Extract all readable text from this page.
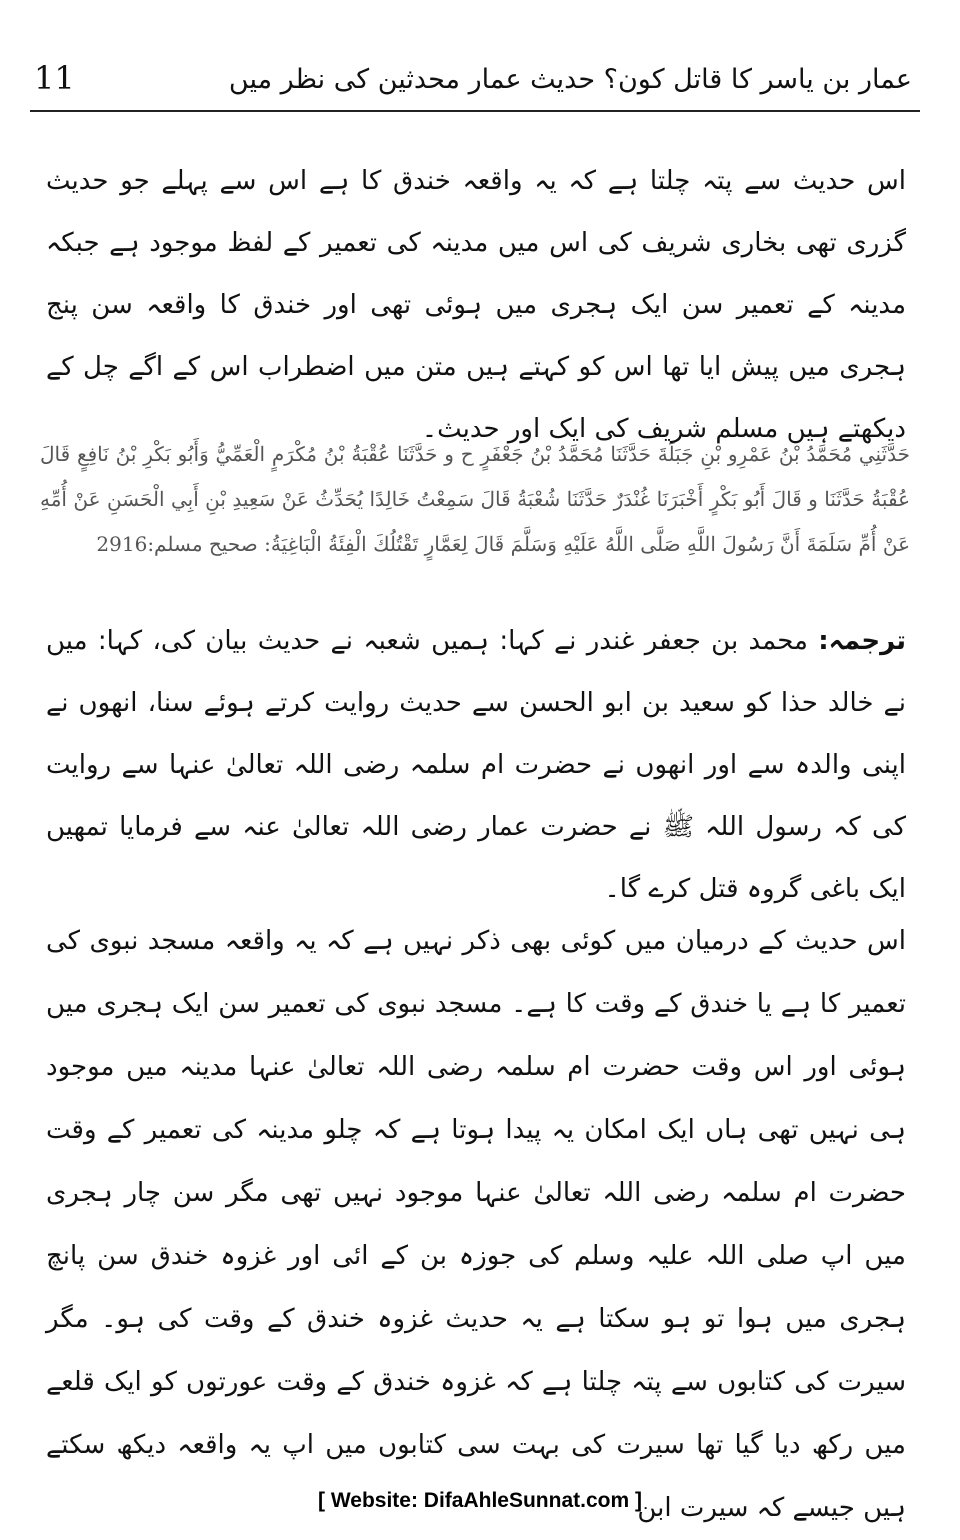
11	عمار بن یاسر کا قاتل کون؟ حدیث عمار محدثین کی نظر میں

اس حدیث سے پتہ چلتا ہے کہ یہ واقعہ خندق کا ہے اس سے پہلے جو حدیث گزری تھی بخاری شریف کی اس میں مدینہ کی تعمیر کے لفظ موجود ہے جبکہ مدینہ کے تعمیر سن ایک ہجری میں ہوئی تھی اور خندق کا واقعہ سن پنج ہجری میں پیش ایا تھا اس کو کہتے ہیں متن میں اضطراب اس کے اگے چل کے دیکھتے ہیں مسلم شریف کی ایک اور حدیث۔

حَدَّثَنِي مُحَمَّدُ بْنُ عَمْرِو بْنِ جَبَلَةَ حَدَّثَنَا مُحَمَّدُ بْنُ جَعْفَرٍ ح و حَدَّثَنَا عُقْبَةُ بْنُ مُكْرَمٍ الْعَمِّيُّ وَأَبُو بَكْرِ بْنُ نَافِعٍ قَالَ عُقْبَةُ حَدَّثَنَا و قَالَ أَبُو بَكْرٍ أَخْبَرَنَا غُنْدَرٌ حَدَّثَنَا شُعْبَةُ قَالَ سَمِعْتُ خَالِدًا يُحَدِّثُ عَنْ سَعِيدِ بْنِ أَبِي الْحَسَنِ عَنْ أُمِّهِ عَنْ أُمِّ سَلَمَةَ أَنَّ رَسُولَ اللَّهِ صَلَّى اللَّهُ عَلَيْهِ وَسَلَّمَ قَالَ لِعَمَّارٍ تَقْتُلُكَ الْفِئَةُ الْبَاغِيَةُ: صحیح مسلم:2916

ترجمہ: محمد بن جعفر غندر نے کہا: ہمیں شعبہ نے حدیث بیان کی، کہا: میں نے خالد حذا کو سعید بن ابو الحسن سے حدیث روایت کرتے ہوئے سنا، انھوں نے اپنی والدہ سے اور انھوں نے حضرت ام سلمہ رضی اللہ تعالیٰ عنہا سے روایت کی کہ رسول اللہ ﷺ نے حضرت عمار رضی اللہ تعالیٰ عنہ سے فرمایا تمھیں ایک باغی گروہ قتل کرے گا۔

اس حدیث کے درمیان میں کوئی بھی ذکر نہیں ہے کہ یہ واقعہ مسجد نبوی کی تعمیر کا ہے یا خندق کے وقت کا ہے۔ مسجد نبوی کی تعمیر سن ایک ہجری میں ہوئی اور اس وقت حضرت ام سلمہ رضی اللہ تعالیٰ عنہا مدینہ میں موجود ہی نہیں تھی ہاں ایک امکان یہ پیدا ہوتا ہے کہ چلو مدینہ کی تعمیر کے وقت حضرت ام سلمہ رضی اللہ تعالیٰ عنہا موجود نہیں تھی مگر سن چار ہجری میں اپ صلی اللہ علیہ وسلم کی جوزہ بن کے ائی اور غزوہ خندق سن پانچ ہجری میں ہوا تو ہو سکتا ہے یہ حدیث غزوہ خندق کے وقت کی ہو۔ مگر سیرت کی کتابوں سے پتہ چلتا ہے کہ غزوہ خندق کے وقت عورتوں کو ایک قلعے میں رکھ دیا گیا تھا سیرت کی بہت سی کتابوں میں اپ یہ واقعہ دیکھ سکتے ہیں جیسے کہ سیرت ابن

[ Website: DifaAhleSunnat.com ]
